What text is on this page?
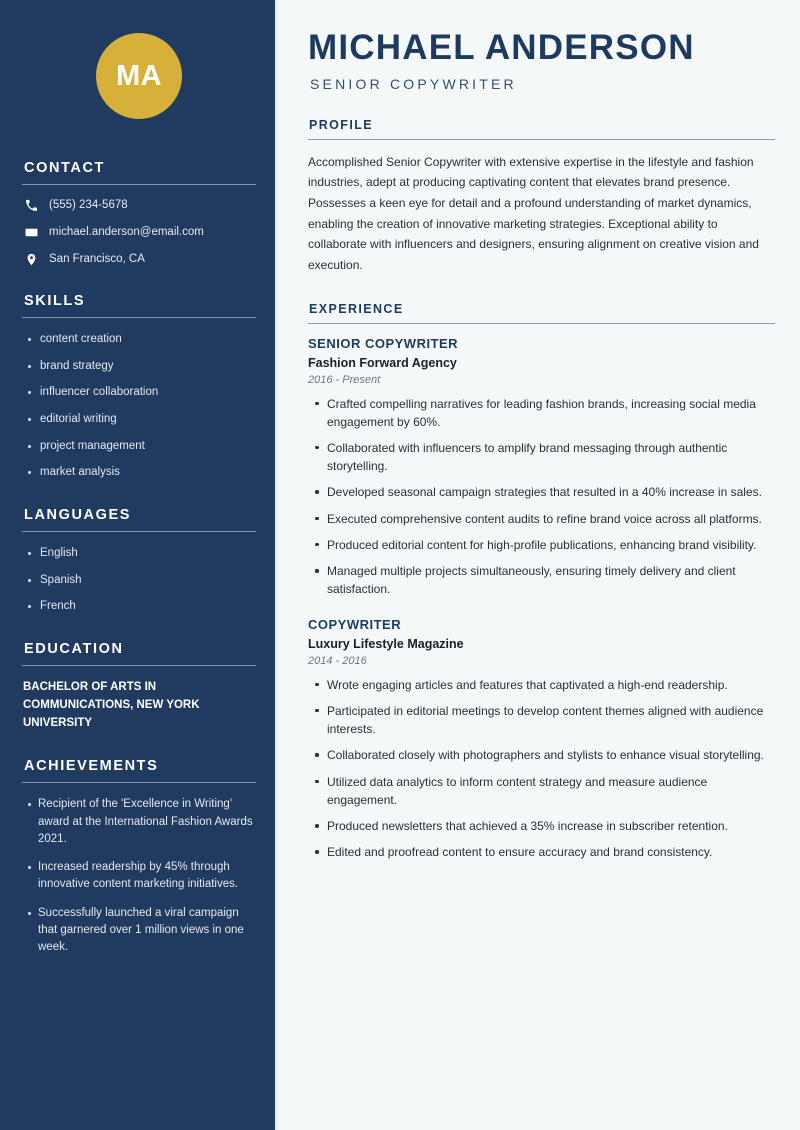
MA
CONTACT
(555) 234-5678
michael.anderson@email.com
San Francisco, CA
SKILLS
content creation
brand strategy
influencer collaboration
editorial writing
project management
market analysis
LANGUAGES
English
Spanish
French
EDUCATION

BACHELOR OF ARTS IN COMMUNICATIONS, NEW YORK UNIVERSITY

ACHIEVEMENTS
Recipient of the 'Excellence in Writing' award at the International Fashion Awards 2021.
Increased readership by 45% through innovative content marketing initiatives.
Successfully launched a viral campaign that garnered over 1 million views in one week.
MICHAEL ANDERSON
SENIOR COPYWRITER
PROFILE

Accomplished Senior Copywriter with extensive expertise in the lifestyle and fashion industries, adept at producing captivating content that elevates brand presence. Possesses a keen eye for detail and a profound understanding of market dynamics, enabling the creation of innovative marketing strategies. Exceptional ability to collaborate with influencers and designers, ensuring alignment on creative vision and execution.

EXPERIENCE
SENIOR COPYWRITER
Fashion Forward Agency
2016 - Present
Crafted compelling narratives for leading fashion brands, increasing social media engagement by 60%.
Collaborated with influencers to amplify brand messaging through authentic storytelling.
Developed seasonal campaign strategies that resulted in a 40% increase in sales.
Executed comprehensive content audits to refine brand voice across all platforms.
Produced editorial content for high-profile publications, enhancing brand visibility.
Managed multiple projects simultaneously, ensuring timely delivery and client satisfaction.
COPYWRITER
Luxury Lifestyle Magazine
2014 - 2016
Wrote engaging articles and features that captivated a high-end readership.
Participated in editorial meetings to develop content themes aligned with audience interests.
Collaborated closely with photographers and stylists to enhance visual storytelling.
Utilized data analytics to inform content strategy and measure audience engagement.
Produced newsletters that achieved a 35% increase in subscriber retention.
Edited and proofread content to ensure accuracy and brand consistency.
